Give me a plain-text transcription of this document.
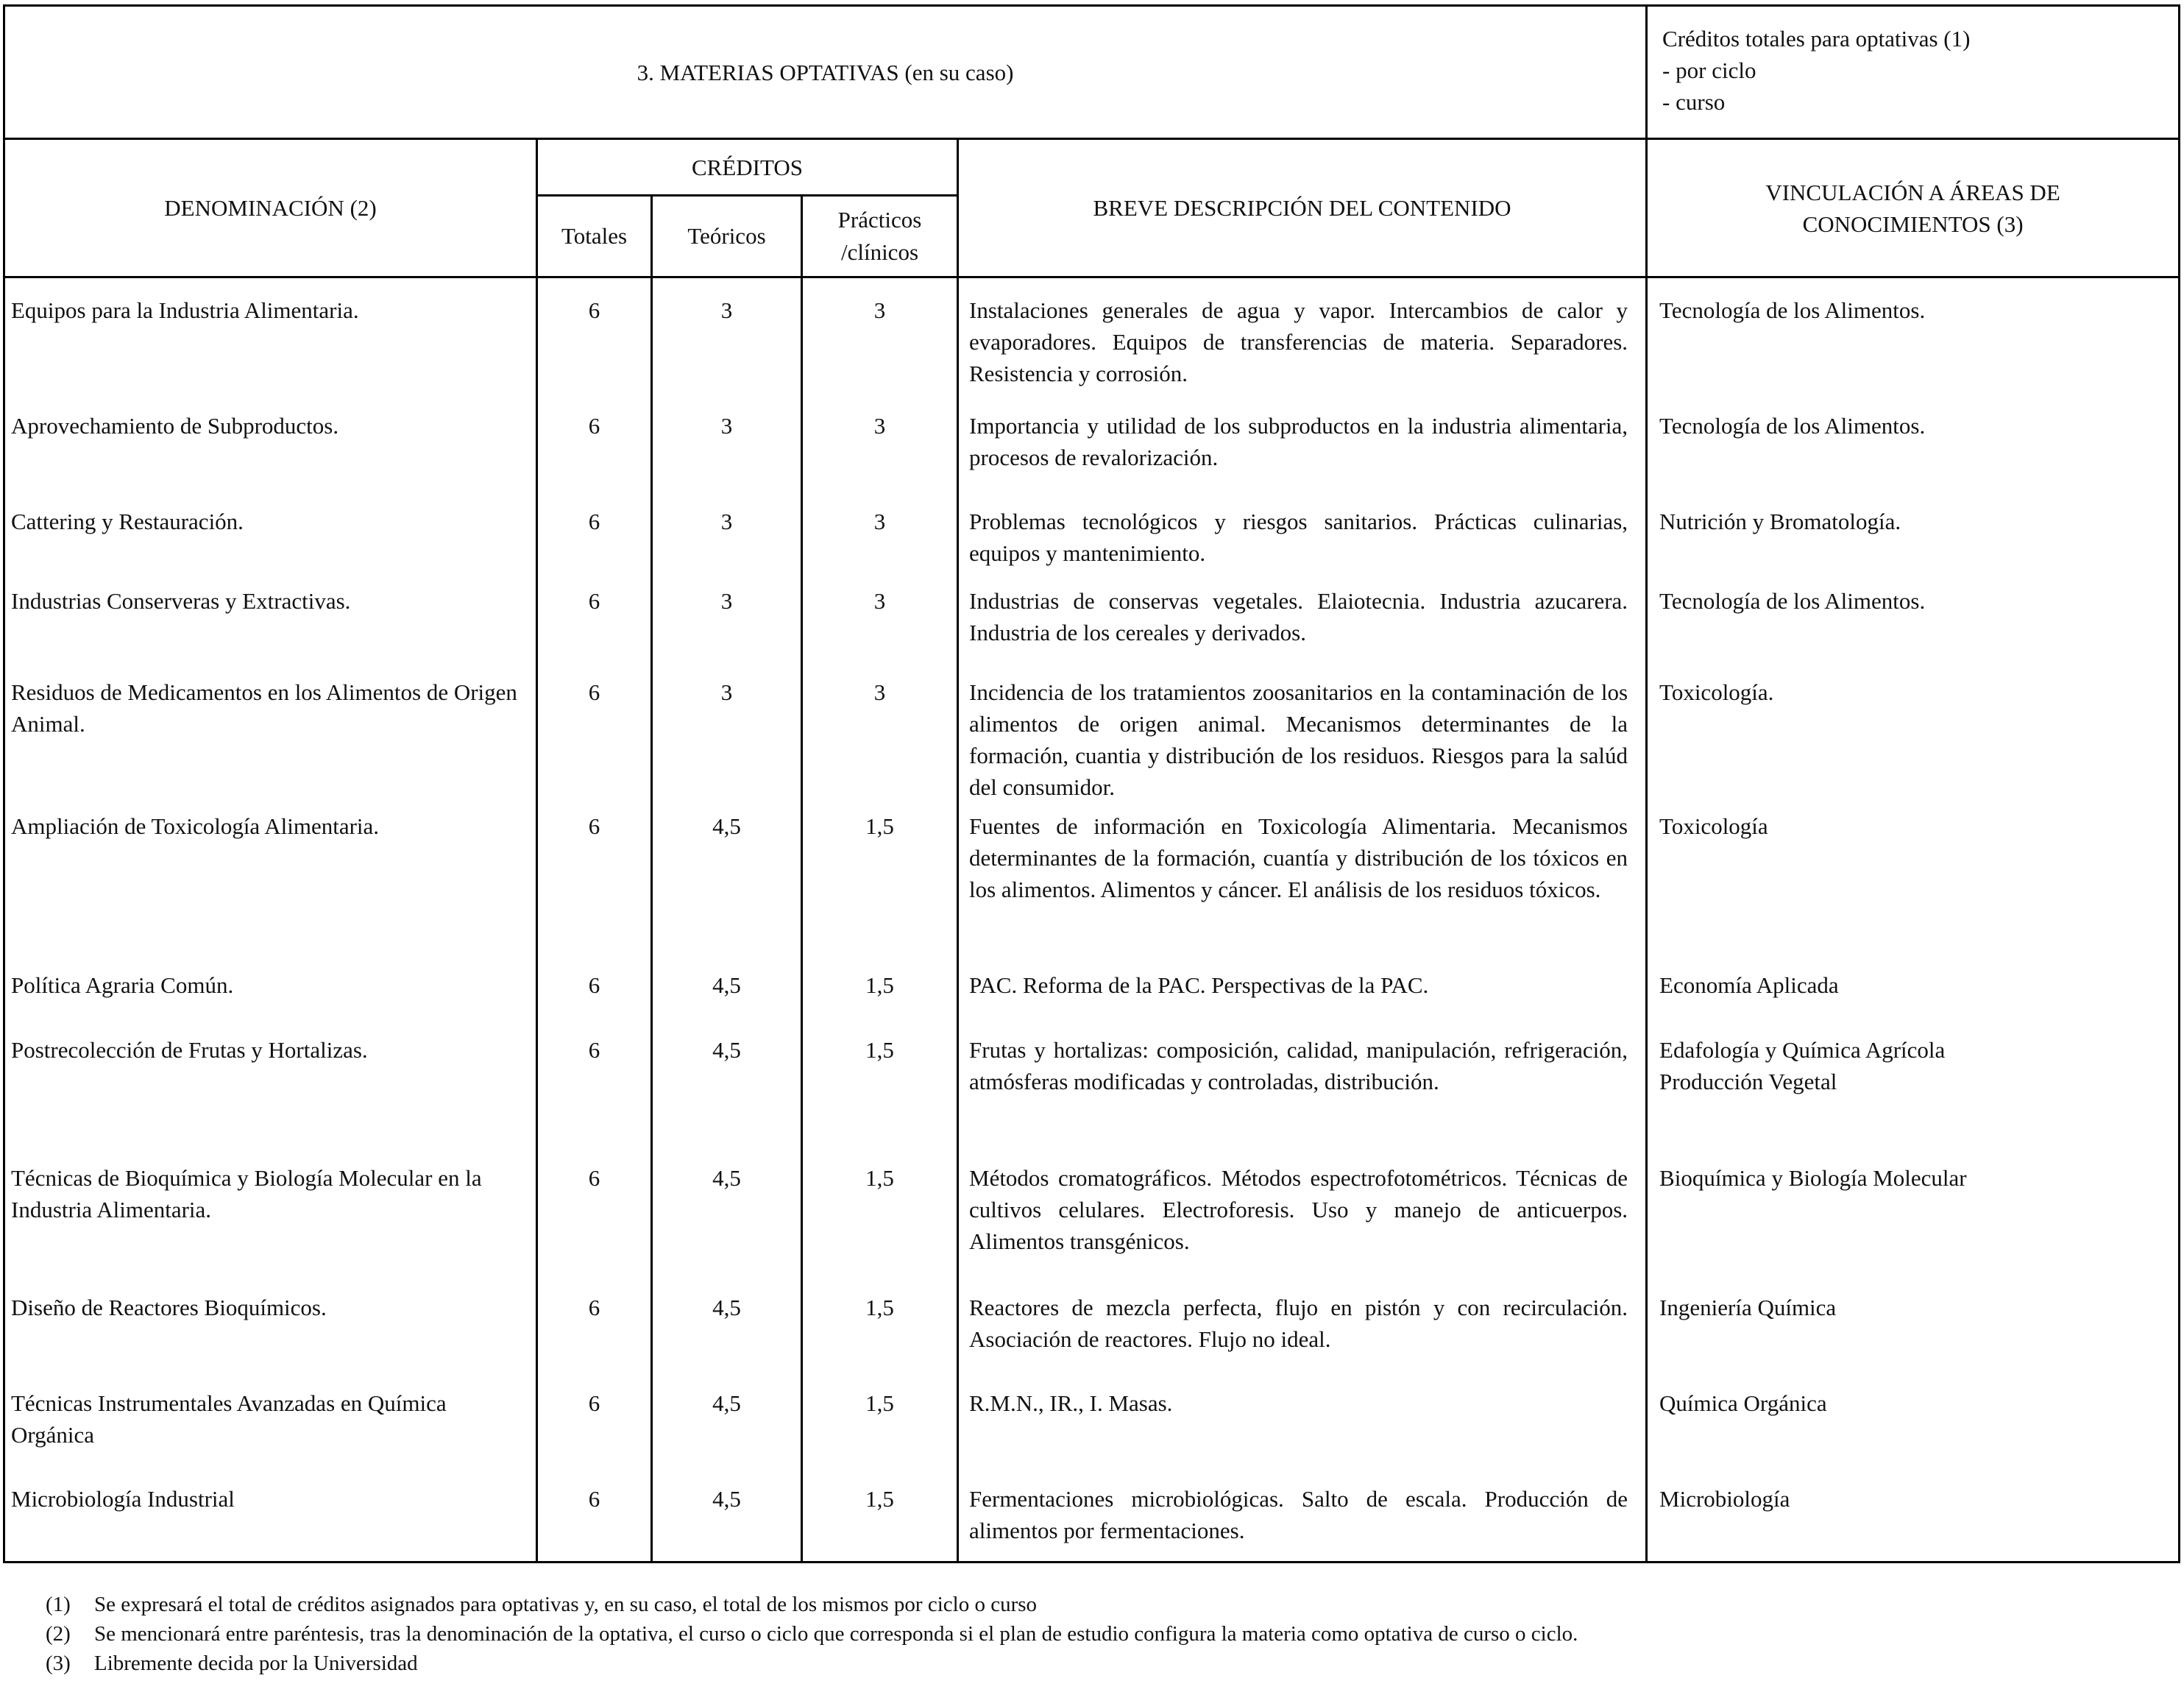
3. MATERIAS OPTATIVAS (en su caso)					Créditos totales para optativas (1)
- por ciclo
- curso

DENOMINACIÓN (2)	CRÉDITOS			BREVE DESCRIPCIÓN DEL CONTENIDO	VINCULACIÓN A ÁREAS DE
CONOCIMIENTOS (3)

	Totales	Teóricos	Prácticos
/clínicos		

Equipos para la Industria Alimentaria.	6	3	3	Instalaciones generales de agua y vapor. Intercambios de calor y evaporadores. Equipos de transferencias de materia. Separadores. Resistencia y corrosión.	Tecnología de los Alimentos.
Aprovechamiento de Subproductos.	6	3	3	Importancia y utilidad de los subproductos en la industria alimentaria, procesos de revalorización.	Tecnología de los Alimentos.
Cattering y Restauración.	6	3	3	Problemas tecnológicos y riesgos sanitarios. Prácticas culinarias, equipos y mantenimiento.	Nutrición y Bromatología.
Industrias Conserveras y Extractivas.	6	3	3	Industrias de conservas vegetales. Elaiotecnia. Industria azucarera. Industria de los cereales y derivados.	Tecnología de los Alimentos.
Residuos de Medicamentos en los Alimentos de Origen Animal.	6	3	3	Incidencia de los tratamientos zoosanitarios en la contaminación de los alimentos de origen animal. Mecanismos determinantes de la formación, cuantia y distribución de los residuos. Riesgos para la salúd del consumidor.	Toxicología.
Ampliación de Toxicología Alimentaria.	6	4,5	1,5	Fuentes de información en Toxicología Alimentaria. Mecanismos determinantes de la formación, cuantía y distribución de los tóxicos en los alimentos. Alimentos y cáncer. El análisis de los residuos tóxicos.	Toxicología
Política Agraria Común.	6	4,5	1,5	PAC. Reforma de la PAC. Perspectivas de la PAC.	Economía Aplicada
Postrecolección de Frutas y Hortalizas.	6	4,5	1,5	Frutas y hortalizas: composición, calidad, manipulación, refrigeración, atmósferas modificadas y controladas, distribución.	Edafología y Química Agrícola
Producción Vegetal
Técnicas de Bioquímica y Biología Molecular en la Industria Alimentaria.	6	4,5	1,5	Métodos cromatográficos. Métodos espectrofotométricos. Técnicas de cultivos celulares. Electroforesis. Uso y manejo de anticuerpos. Alimentos transgénicos.	Bioquímica y Biología Molecular
Diseño de Reactores Bioquímicos.	6	4,5	1,5	Reactores de mezcla perfecta, flujo en pistón y con recirculación. Asociación de reactores. Flujo no ideal.	Ingeniería Química
Técnicas Instrumentales Avanzadas en Química Orgánica	6	4,5	1,5	R.M.N., IR., I. Masas.	Química Orgánica
Microbiología Industrial	6	4,5	1,5	Fermentaciones microbiológicas. Salto de escala. Producción de alimentos por fermentaciones.	Microbiología
(1)	Se expresará el total de créditos asignados para optativas y, en su caso, el total de los mismos por ciclo o curso
(2)	Se mencionará entre paréntesis, tras la denominación de la optativa, el curso o ciclo que corresponda si el plan de estudio configura la materia como optativa de curso o ciclo.
(3)	Libremente decida por la Universidad
